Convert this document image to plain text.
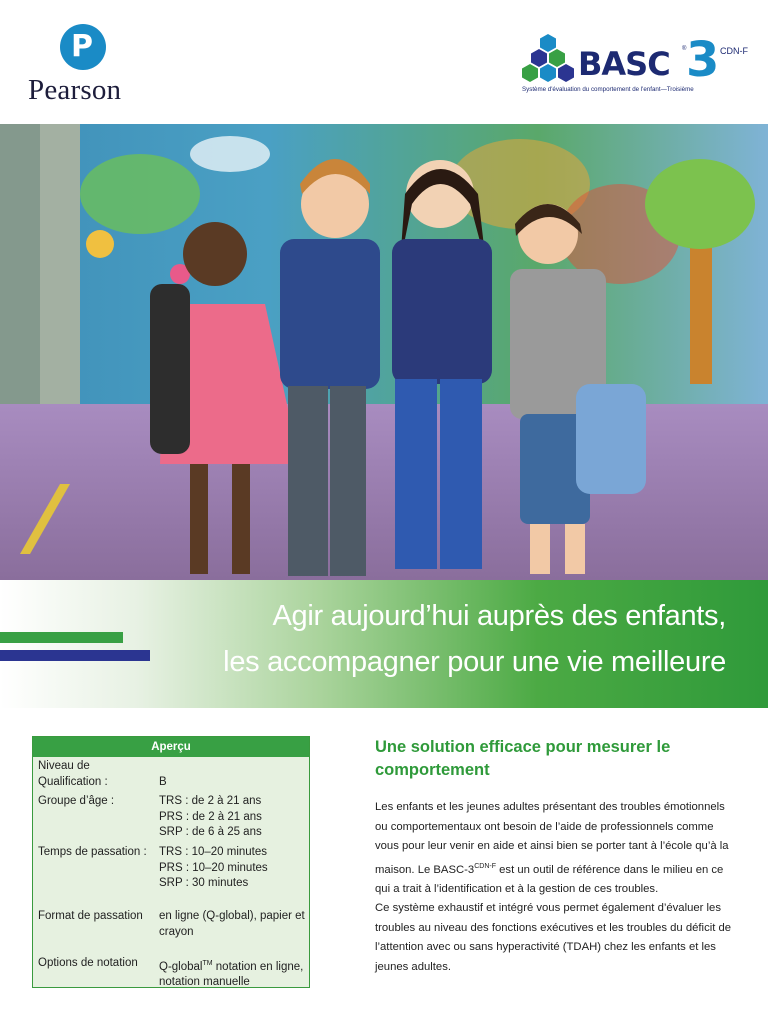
P
Pearson
BASC ® 3 CDN-F
Système d'évaluation du comportement de l'enfant—Troisième
Agir aujourd’hui auprès des enfants,
les accompagner pour une vie meilleure
Aperçu
Niveau de Qualification :	B
Groupe d’âge :	TRS : de 2 à 21 ans
PRS : de 2 à 21 ans
SRP : de 6 à 25 ans
Temps de passation :	TRS : 10–20 minutes
PRS : 10–20 minutes
SRP : 30 minutes
Format de passation	en ligne (Q-global), papier et crayon
Options de notation	Q-global™ notation en ligne, notation manuelle
Une solution efficace pour mesurer le comportement

Les enfants et les jeunes adultes présentant des troubles émotionnels ou comportementaux ont besoin de l’aide de professionnels comme vous pour leur venir en aide et ainsi bien se porter tant à l’école qu’à la maison. Le BASC-$3^{CDN-F}$ est un outil de référence dans le milieu en ce qui a trait à l’identification et à la gestion de ces troubles.

Ce système exhaustif et intégré vous permet également d’évaluer les troubles au niveau des fonctions exécutives et les troubles du déficit de l’attention avec ou sans hyperactivité (TDAH) chez les enfants et les jeunes adultes.
